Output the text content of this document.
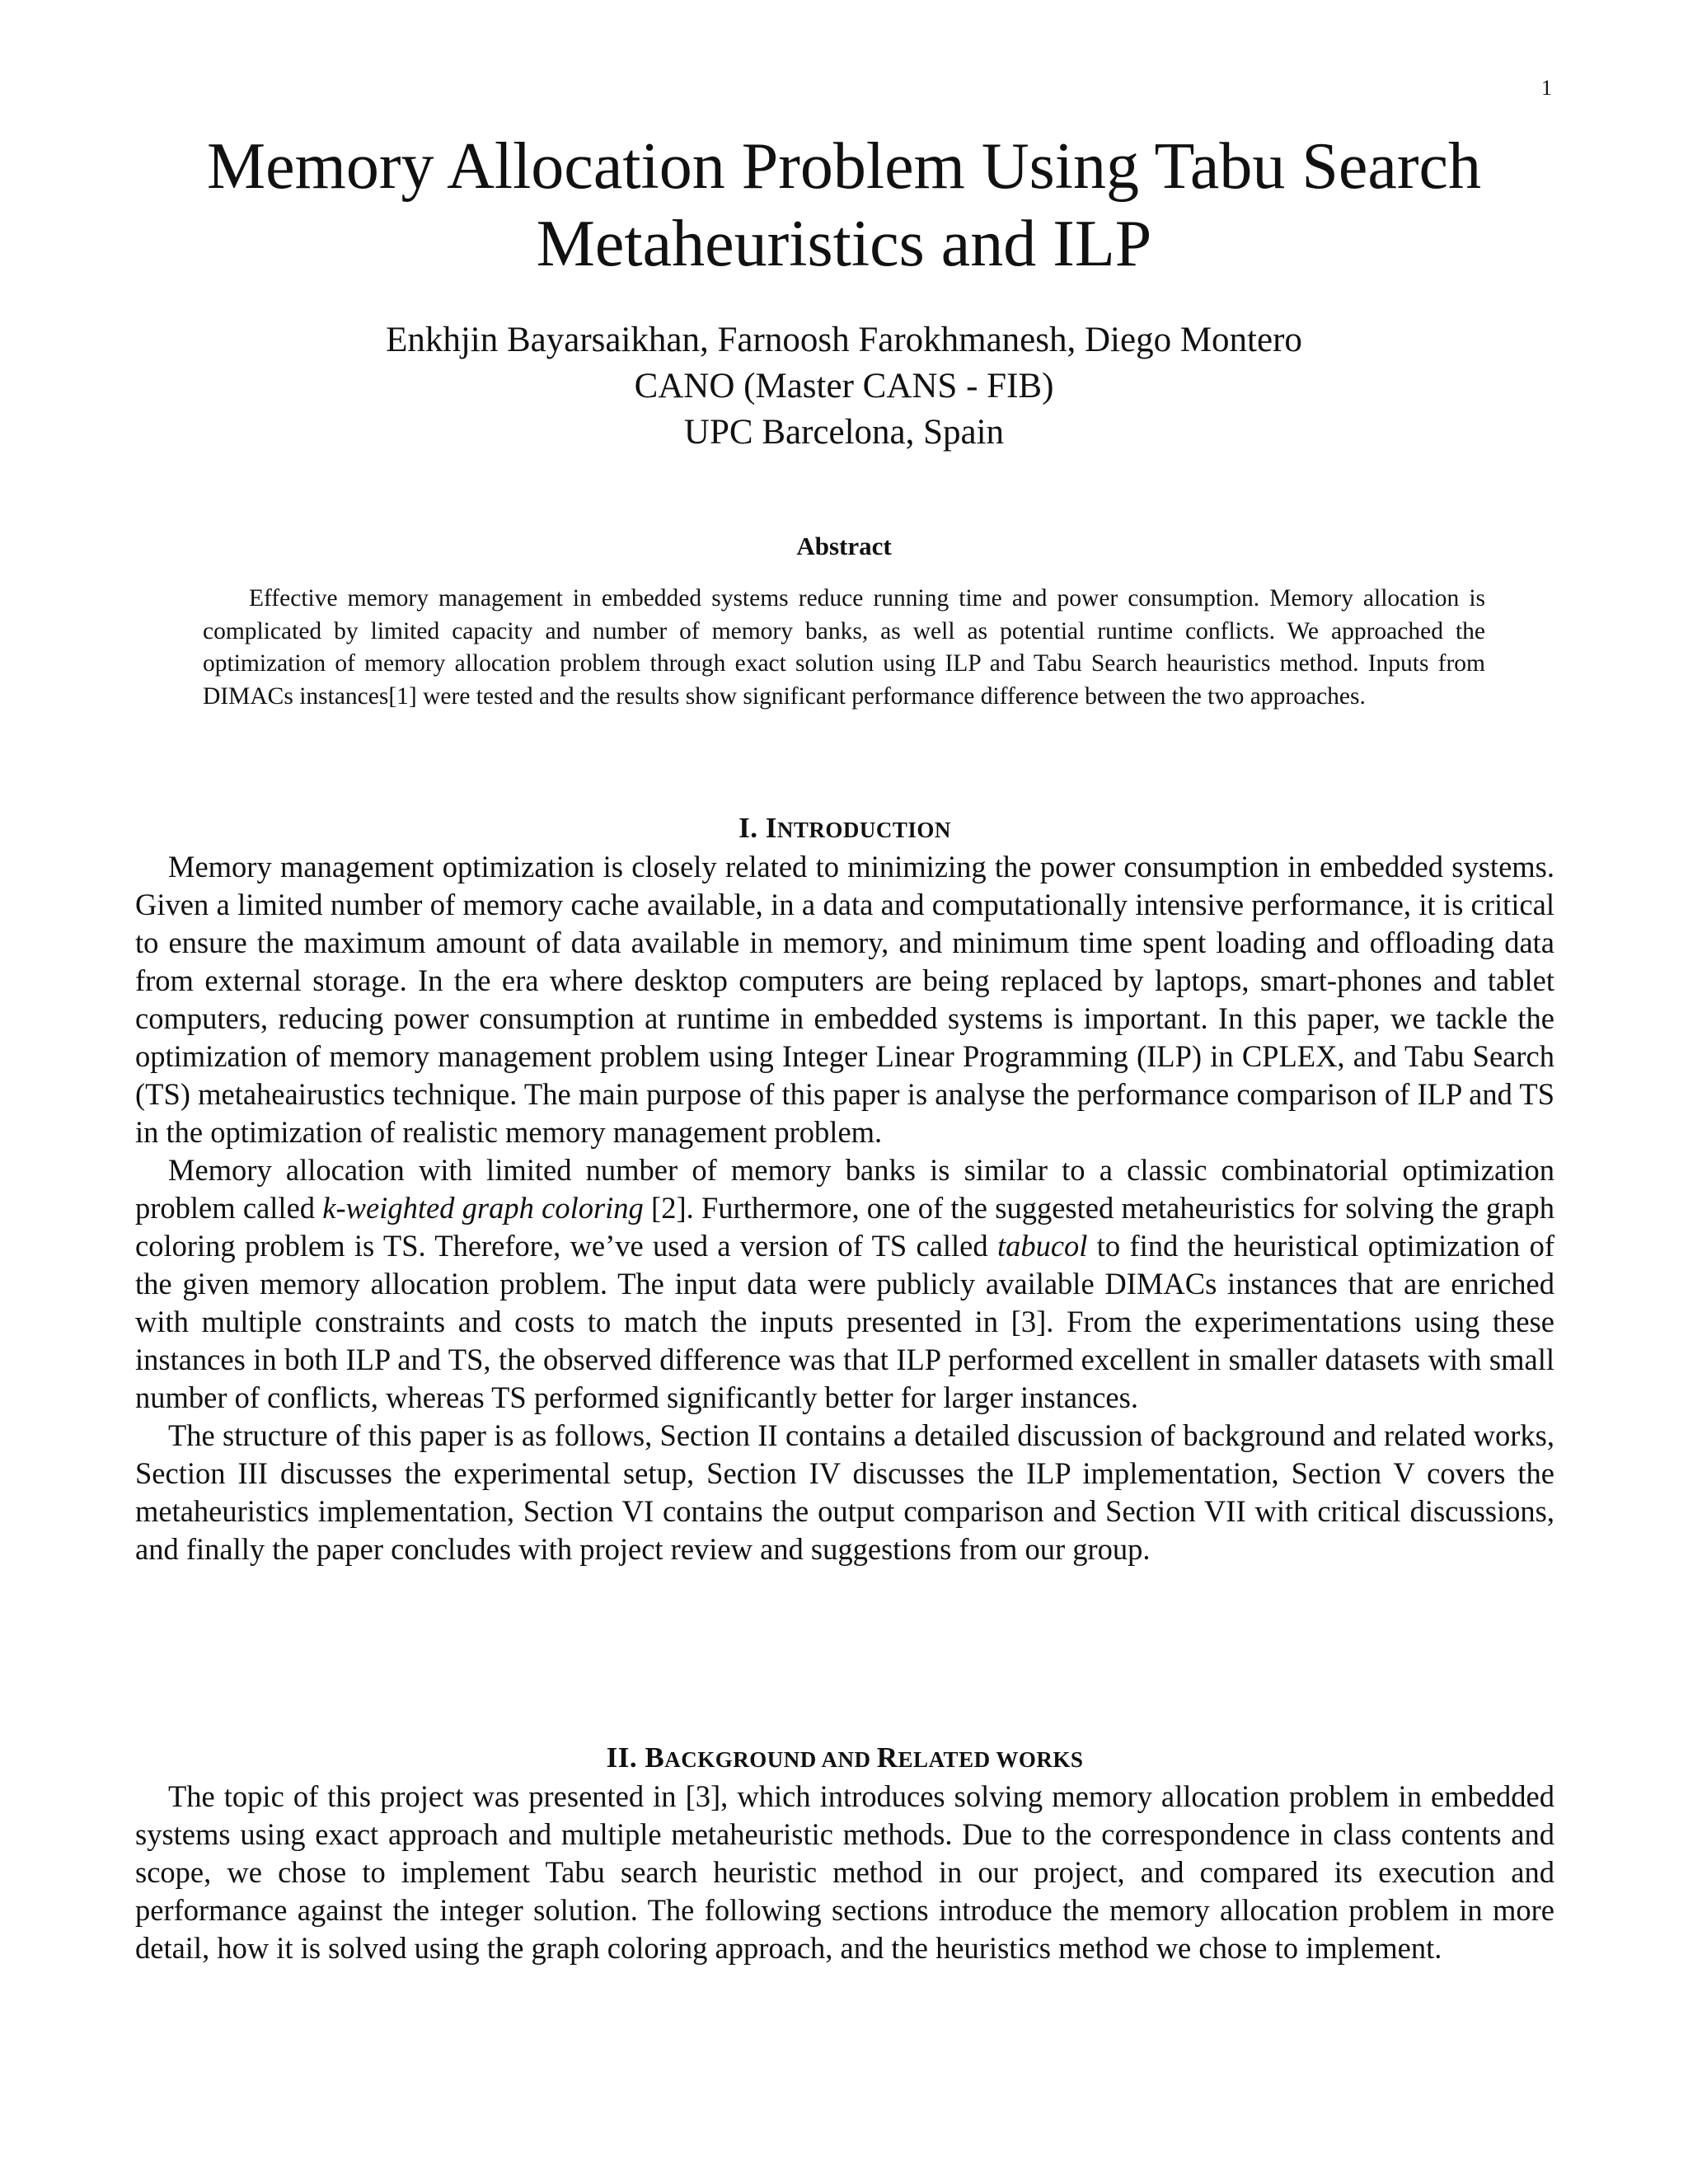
1
Memory Allocation Problem Using Tabu Search
Metaheuristics and ILP
Enkhjin Bayarsaikhan, Farnoosh Farokhmanesh, Diego Montero
CANO (Master CANS - FIB)
UPC Barcelona, Spain
Abstract

Effective memory management in embedded systems reduce running time and power consumption. Memory allocation is complicated by limited capacity and number of memory banks, as well as potential runtime conflicts. We approached the optimization of memory allocation problem through exact solution using ILP and Tabu Search heauristics method. Inputs from DIMACs instances[1] were tested and the results show significant performance difference between the two approaches.

I. INTRODUCTION

Memory management optimization is closely related to minimizing the power consumption in embedded systems. Given a limited number of memory cache available, in a data and computationally intensive performance, it is critical to ensure the maximum amount of data available in memory, and minimum time spent loading and offloading data from external storage. In the era where desktop computers are being replaced by laptops, smart-phones and tablet computers, reducing power consumption at runtime in embedded systems is important. In this paper, we tackle the optimization of memory management problem using Integer Linear Programming (ILP) in CPLEX, and Tabu Search (TS) metaheairustics technique. The main purpose of this paper is analyse the performance comparison of ILP and TS in the optimization of realistic memory management problem.

Memory allocation with limited number of memory banks is similar to a classic combinatorial optimization problem called k-weighted graph coloring [2]. Furthermore, one of the suggested metaheuristics for solving the graph coloring problem is TS. Therefore, we’ve used a version of TS called tabucol to find the heuristical optimization of the given memory allocation problem. The input data were publicly available DIMACs instances that are enriched with multiple constraints and costs to match the inputs presented in [3]. From the experimentations using these instances in both ILP and TS, the observed difference was that ILP performed excellent in smaller datasets with small number of conflicts, whereas TS performed significantly better for larger instances.

The structure of this paper is as follows, Section II contains a detailed discussion of background and related works, Section III discusses the experimental setup, Section IV discusses the ILP implementation, Section V covers the metaheuristics implementation, Section VI contains the output comparison and Section VII with critical discussions, and finally the paper concludes with project review and suggestions from our group.

II. BACKGROUND AND RELATED WORKS

The topic of this project was presented in [3], which introduces solving memory allocation problem in embedded systems using exact approach and multiple metaheuristic methods. Due to the correspondence in class contents and scope, we chose to implement Tabu search heuristic method in our project, and compared its execution and performance against the integer solution. The following sections introduce the memory allocation problem in more detail, how it is solved using the graph coloring approach, and the heuristics method we chose to implement.
